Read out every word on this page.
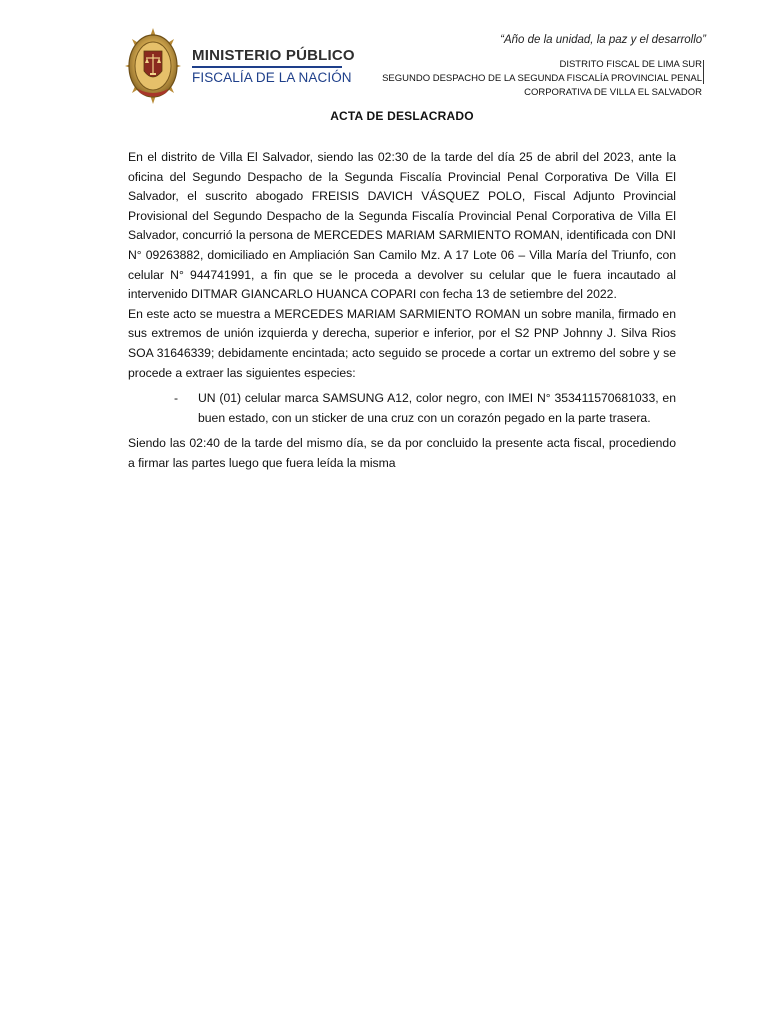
MINISTERIO PÚBLICO
FISCALÍA DE LA NACIÓN
“Año de la unidad, la paz y el desarrollo”
DISTRITO FISCAL DE LIMA SUR
SEGUNDO DESPACHO DE LA SEGUNDA FISCALÍA PROVINCIAL PENAL
CORPORATIVA DE VILLA EL SALVADOR
ACTA DE DESLACRADO

En el distrito de Villa El Salvador, siendo las 02:30 de la tarde del día 25 de abril del 2023, ante la oficina del Segundo Despacho de la Segunda Fiscalía Provincial Penal Corporativa De Villa El Salvador, el suscrito abogado FREISIS DAVICH VÁSQUEZ POLO, Fiscal Adjunto Provincial Provisional del Segundo Despacho de la Segunda Fiscalía Provincial Penal Corporativa de Villa El Salvador, concurrió la persona de MERCEDES MARIAM SARMIENTO ROMAN, identificada con DNI N° 09263882, domiciliado en Ampliación San Camilo Mz. A 17 Lote 06 – Villa María del Triunfo, con celular N° 944741991, a fin que se le proceda a devolver su celular que le fuera incautado al intervenido DITMAR GIANCARLO HUANCA COPARI con fecha 13 de setiembre del 2022.

En este acto se muestra a MERCEDES MARIAM SARMIENTO ROMAN un sobre manila, firmado en sus extremos de unión izquierda y derecha, superior e inferior, por el S2 PNP Johnny J. Silva Rios SOA 31646339; debidamente encintada; acto seguido se procede a cortar un extremo del sobre y se procede a extraer las siguientes especies:

- UN (01) celular marca SAMSUNG A12, color negro, con IMEI N° 353411570681033, en buen estado, con un sticker de una cruz con un corazón pegado en la parte trasera.

Siendo las 02:40 de la tarde del mismo día, se da por concluido la presente acta fiscal, procediendo a firmar las partes luego que fuera leída la misma
